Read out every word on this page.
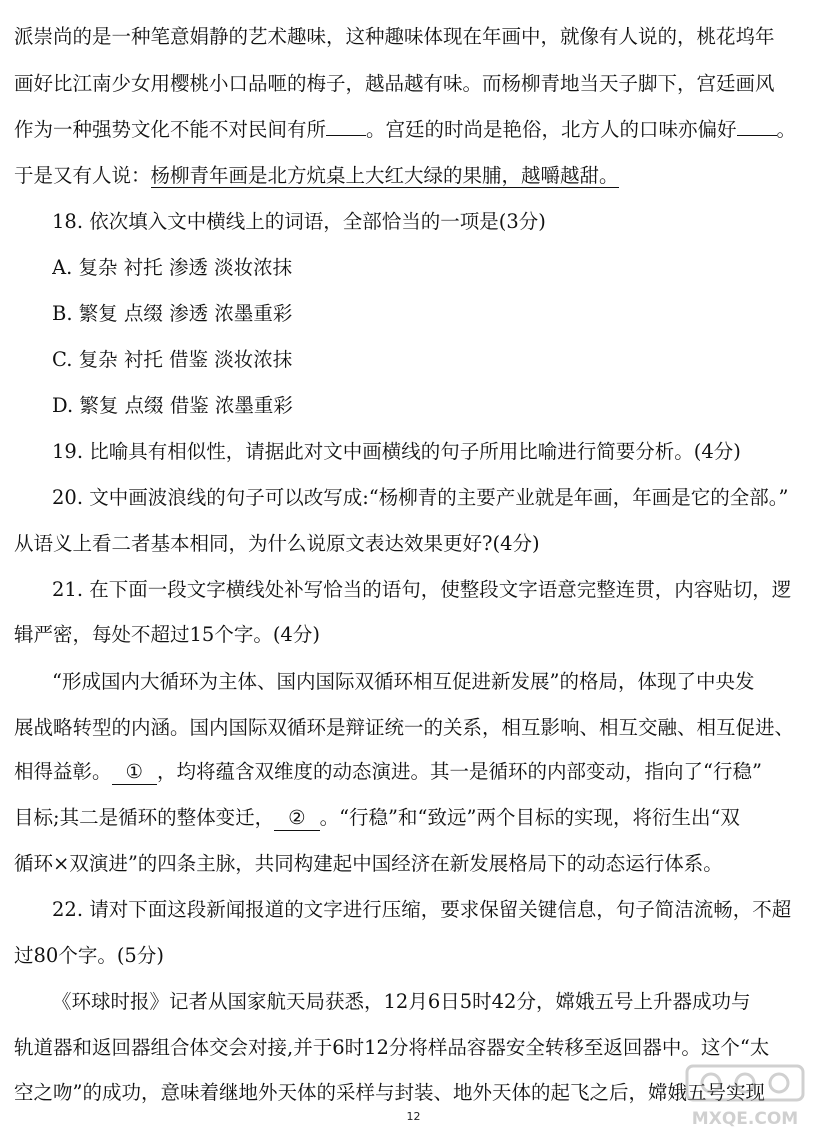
派崇尚的是一种笔意娟静的艺术趣味，这种趣味体现在年画中，就像有人说的，桃花坞年
画好比江南少女用樱桃小口品咂的梅子，越品越有味。而杨柳青地当天子脚下，宫廷画风
作为一种强势文化不能不对民间有所 。宫廷的时尚是艳俗，北方人的口味亦偏好 。
于是又有人说：杨柳青年画是北方炕桌上大红大绿的果脯，越嚼越甜。
18. 依次填入文中横线上的词语，全部恰当的一项是(3分)
A. 复杂 衬托 渗透 淡妆浓抹
B. 繁复 点缀 渗透 浓墨重彩
C. 复杂 衬托 借鉴 淡妆浓抹
D. 繁复 点缀 借鉴 浓墨重彩
19. 比喻具有相似性，请据此对文中画横线的句子所用比喻进行简要分析。(4分)
20. 文中画波浪线的句子可以改写成:“杨柳青的主要产业就是年画，年画是它的全部。”
从语义上看二者基本相同，为什么说原文表达效果更好?(4分)
21. 在下面一段文字横线处补写恰当的语句，使整段文字语意完整连贯，内容贴切，逻
辑严密，每处不超过15个字。(4分)
“形成国内大循环为主体、国内国际双循环相互促进新发展”的格局，体现了中央发
展战略转型的内涵。国内国际双循环是辩证统一的关系，相互影响、相互交融、相互促进、
相得益彰。 ① ，均将蕴含双维度的动态演进。其一是循环的内部变动，指向了“行稳”
目标;其二是循环的整体变迁， ② 。“行稳”和“致远”两个目标的实现，将衍生出“双
循环×双演进”的四条主脉，共同构建起中国经济在新发展格局下的动态运行体系。
22. 请对下面这段新闻报道的文字进行压缩，要求保留关键信息，句子简洁流畅，不超
过80个字。(5分)
《环球时报》记者从国家航天局获悉，12月6日5时42分，嫦娥五号上升器成功与
轨道器和返回器组合体交会对接,并于6时12分将样品容器安全转移至返回器中。这个“太
空之吻”的成功，意味着继地外天体的采样与封装、地外天体的起飞之后，嫦娥五号实现
12	MXQE.COM
